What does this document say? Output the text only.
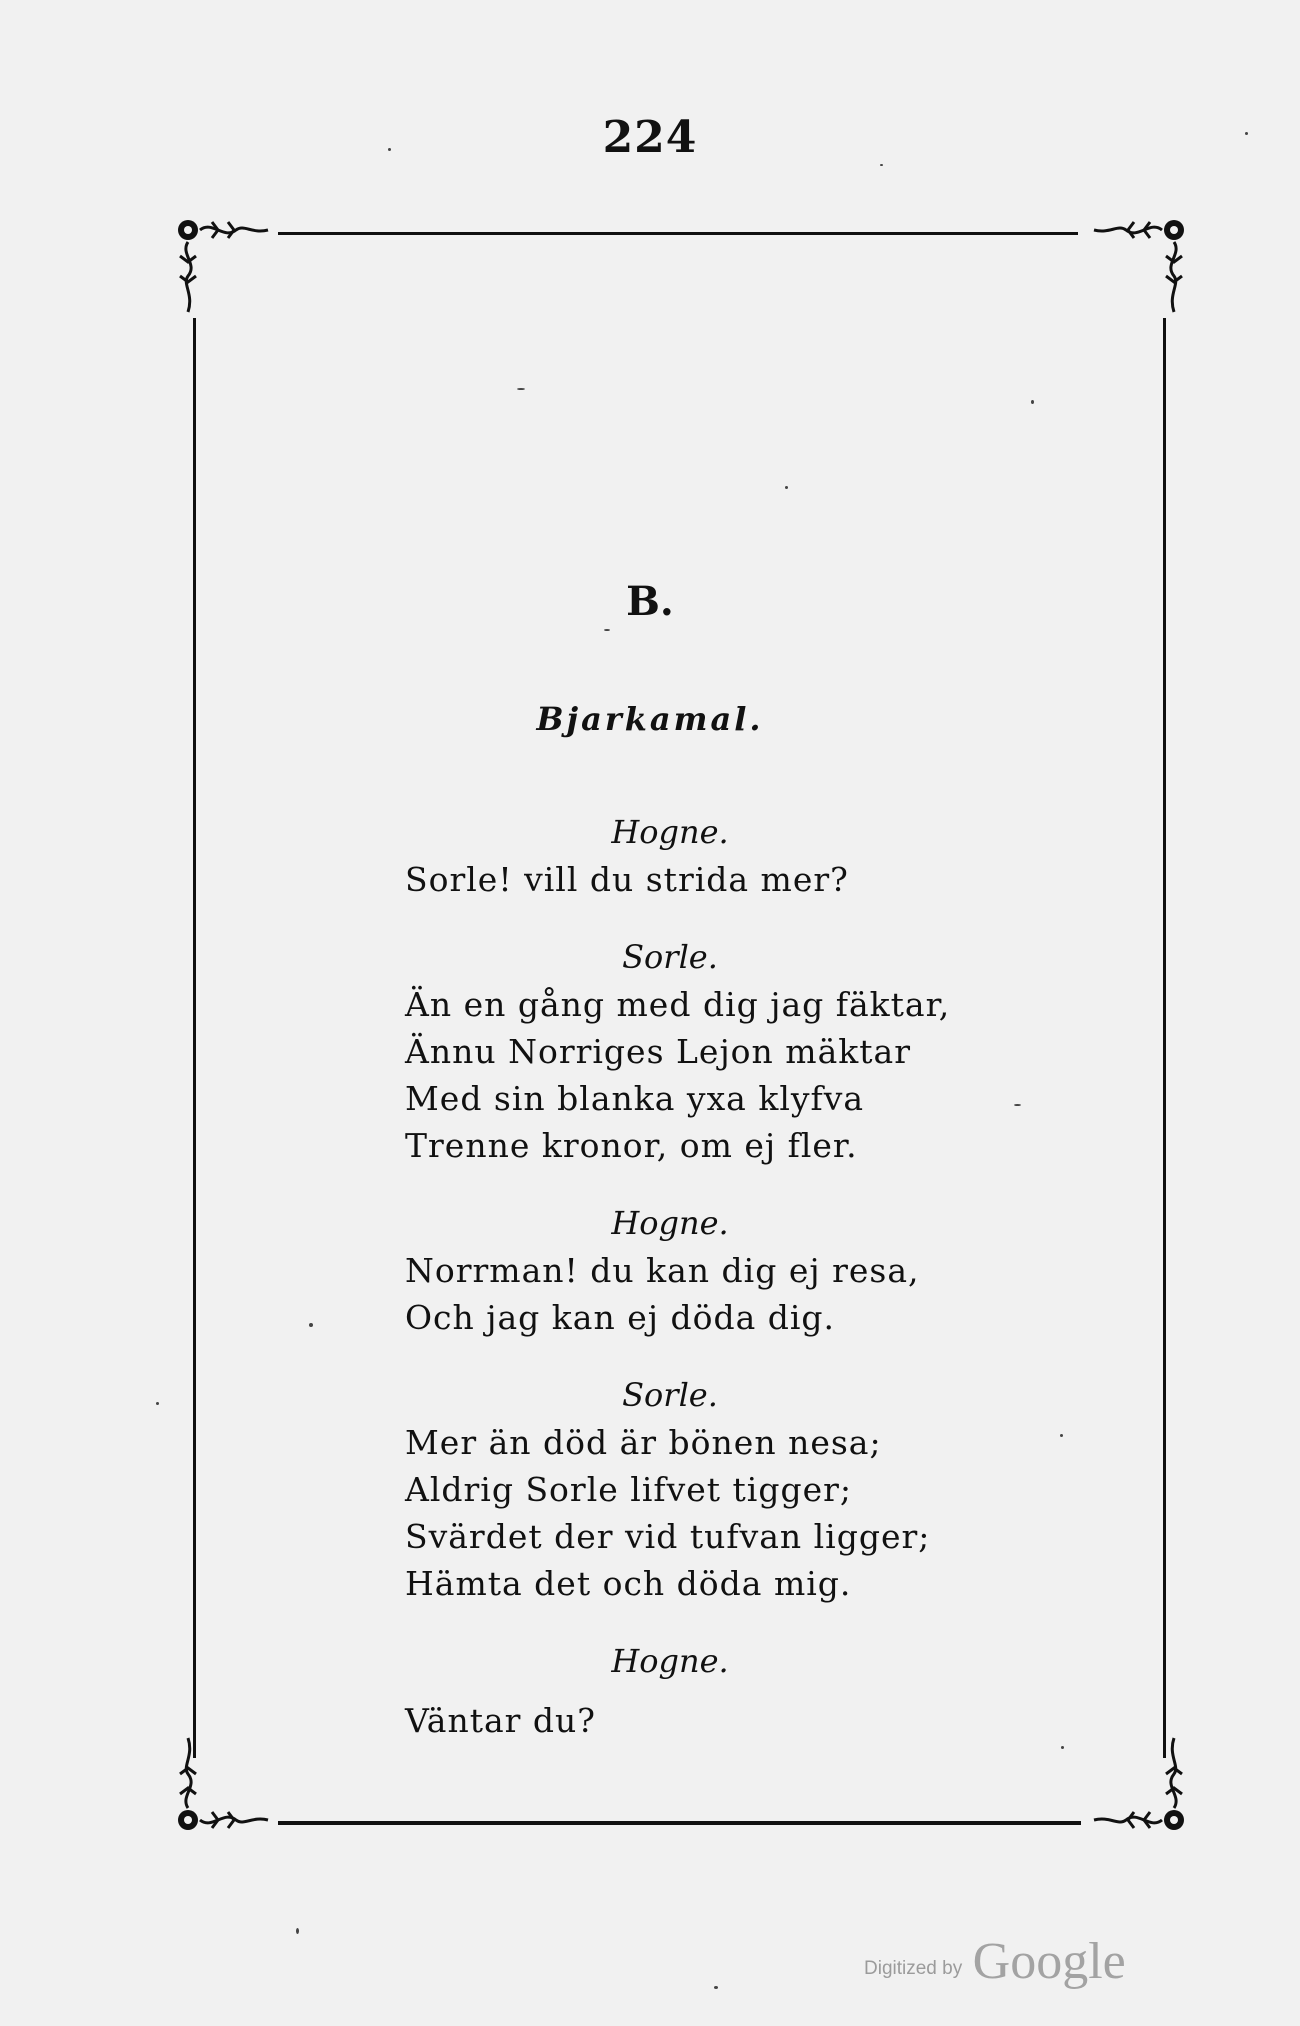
224
B.
Bjarkamal.
Hogne.
Sorle! vill du strida mer?
Sorle.
Än en gång med dig jag fäktar,
Ännu Norriges Lejon mäktar
Med sin blanka yxa klyfva
Trenne kronor, om ej fler.
Hogne.
Norrman! du kan dig ej resa,
Och jag kan ej döda dig.
Sorle.
Mer än död är bönen nesa;
Aldrig Sorle lifvet tigger;
Svärdet der vid tufvan ligger;
Hämta det och döda mig.
Hogne.
Väntar du?
Digitized by Google
